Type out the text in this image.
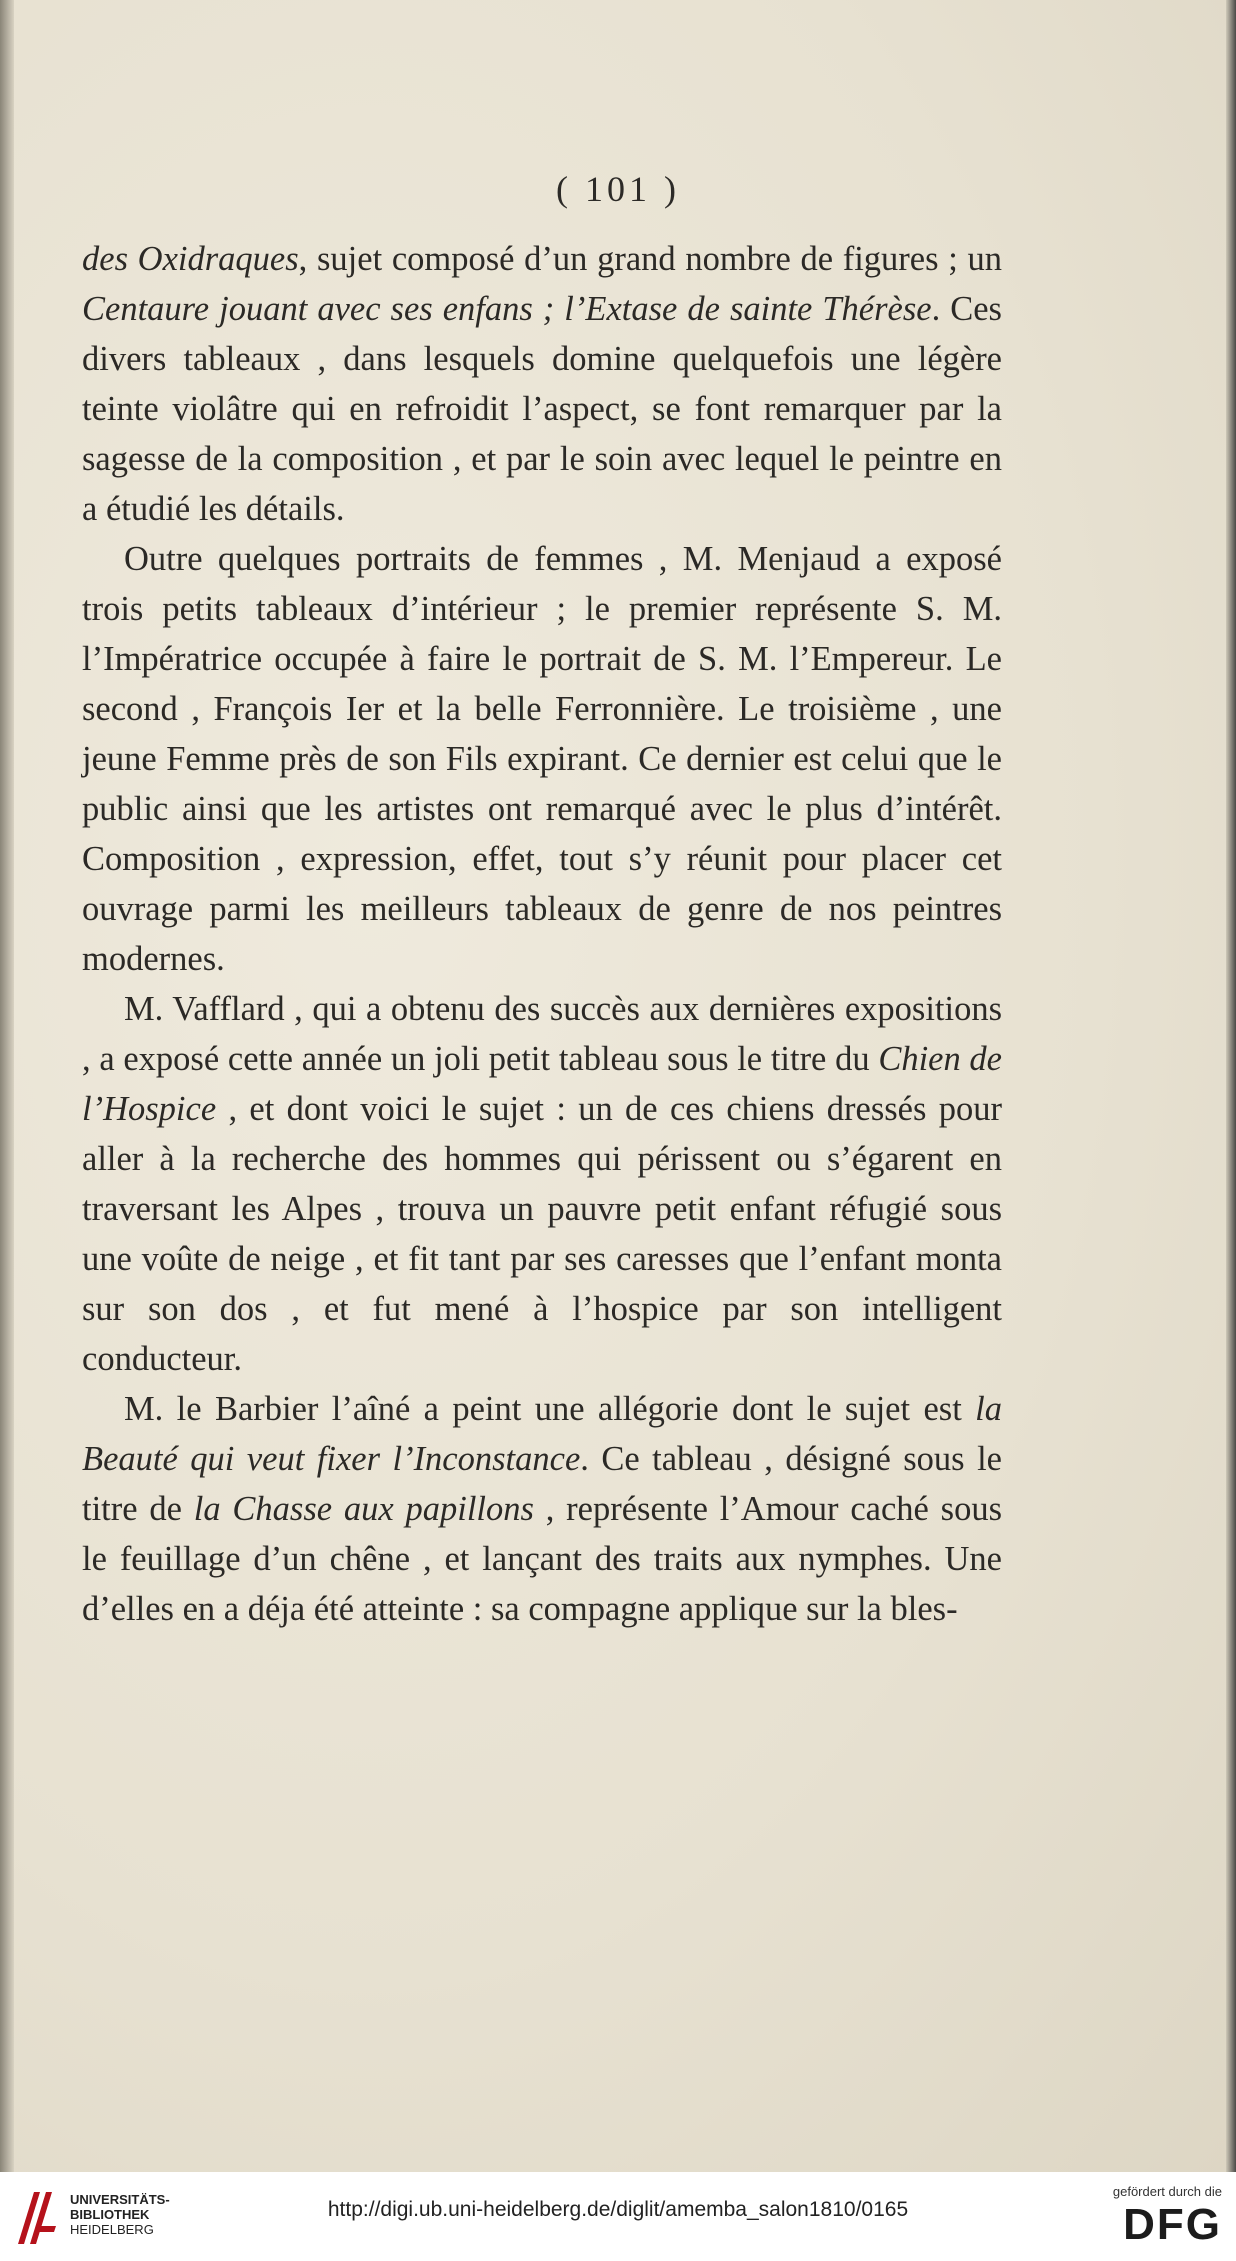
( 101 )

des Oxidraques, sujet composé d’un grand nombre de figures ; un Centaure jouant avec ses enfans ; l’Extase de sainte Thérèse. Ces divers tableaux , dans lesquels domine quelquefois une légère teinte violâtre qui en refroidit l’aspect, se font remarquer par la sagesse de la composition , et par le soin avec lequel le peintre en a étudié les détails.

Outre quelques portraits de femmes , M. Menjaud a exposé trois petits tableaux d’intérieur ; le premier représente S. M. l’Impératrice occupée à faire le portrait de S. M. l’Empereur. Le second , François Ier et la belle Ferronnière. Le troisième , une jeune Femme près de son Fils expirant. Ce dernier est celui que le public ainsi que les artistes ont remarqué avec le plus d’intérêt. Composition , expression, effet, tout s’y réunit pour placer cet ouvrage parmi les meilleurs tableaux de genre de nos peintres modernes.

M. Vafflard , qui a obtenu des succès aux dernières expositions , a exposé cette année un joli petit tableau sous le titre du Chien de l’Hospice , et dont voici le sujet : un de ces chiens dressés pour aller à la recherche des hommes qui périssent ou s’égarent en traversant les Alpes , trouva un pauvre petit enfant réfugié sous une voûte de neige , et fit tant par ses caresses que l’enfant monta sur son dos , et fut mené à l’hospice par son intelligent conducteur.

M. le Barbier l’aîné a peint une allégorie dont le sujet est la Beauté qui veut fixer l’Inconstance. Ce tableau , désigné sous le titre de la Chasse aux papillons , représente l’Amour caché sous le feuillage d’un chêne , et lançant des traits aux nymphes. Une d’elles en a déja été atteinte : sa compagne applique sur la bles-

UNIVERSITÄTS-
BIBLIOTHEK
HEIDELBERG
http://digi.ub.uni-heidelberg.de/diglit/amemba_salon1810/0165
gefördert durch die
DFG
